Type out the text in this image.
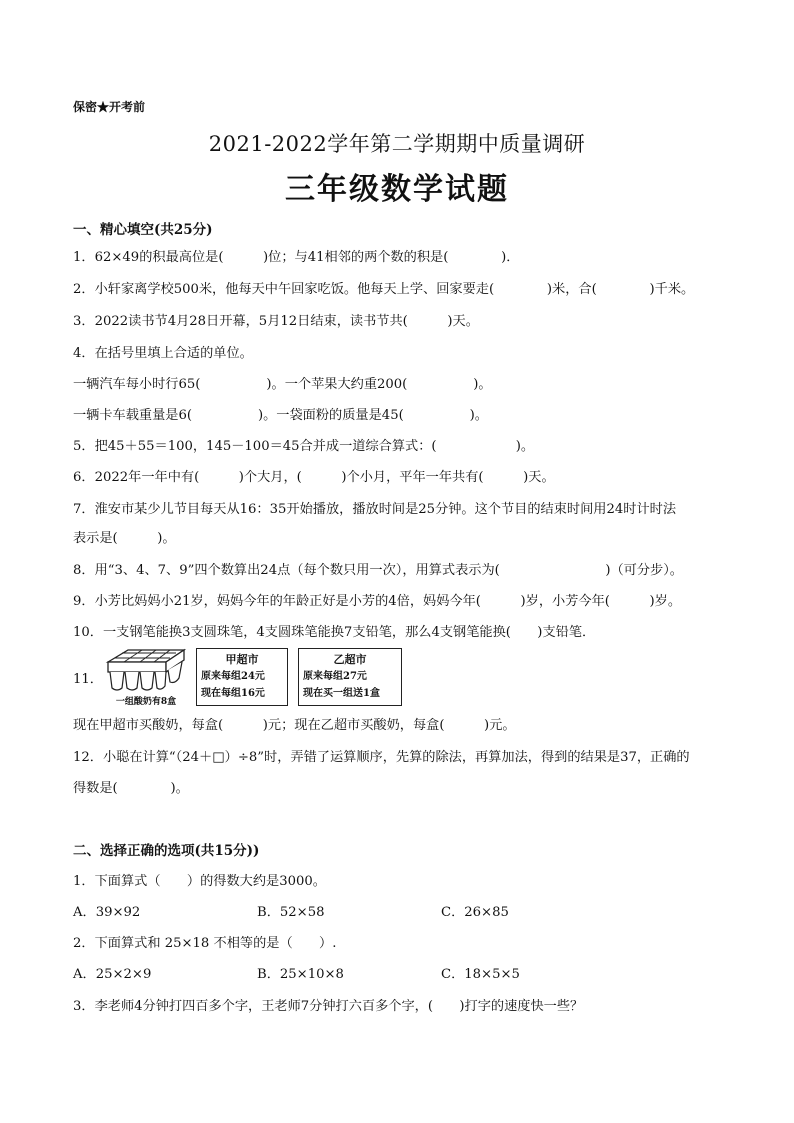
保密★开考前
2021-2022学年第二学期期中质量调研
三年级数学试题
一、精心填空(共25分)
1．62×49的积最高位是(　　　)位；与41相邻的两个数的积是(　　　　)．
2．小轩家离学校500米，他每天中午回家吃饭。他每天上学、回家要走(　　　　)米，合(　　　　)千米。
3．2022读书节4月28日开幕，5月12日结束，读书节共(　　　)天。
4．在括号里填上合适的单位。
一辆汽车每小时行65(　　　　　)。一个苹果大约重200(　　　　　)。
一辆卡车载重量是6(　　　　　)。一袋面粉的质量是45(　　　　　)。
5．把45＋55＝100，145－100＝45合并成一道综合算式：(　　　　　　)。
6．2022年一年中有(　　　)个大月，(　　　)个小月，平年一年共有(　　　)天。
7．淮安市某少儿节目每天从16：35开始播放，播放时间是25分钟。这个节目的结束时间用24时计时法
表示是(　　　)。
8．用“3、4、7、9”四个数算出24点（每个数只用一次），用算式表示为(　　　　　　　　)（可分步）。
9．小芳比妈妈小21岁，妈妈今年的年龄正好是小芳的4倍，妈妈今年(　　　)岁，小芳今年(　　　)岁。
10．一支钢笔能换3支圆珠笔，4支圆珠笔能换7支铅笔，那么4支钢笔能换(　　)支铅笔．
11．
一组酸奶有8盒
甲超市
原来每组24元
现在每组16元
乙超市
原来每组27元
现在买一组送1盒
现在甲超市买酸奶，每盒(　　　)元；现在乙超市买酸奶，每盒(　　　)元。
12．小聪在计算“（24＋□）÷8”时，弄错了运算顺序，先算的除法，再算加法，得到的结果是37，正确的
得数是(　　　　)。
二、选择正确的选项(共15分))
1．下面算式（　　）的得数大约是3000。
A．39×92	B．52×58	C．26×85
2．下面算式和 25×18 不相等的是（　　）.
A．25×2×9	B．25×10×8	C．18×5×5
3．李老师4分钟打四百多个字，王老师7分钟打六百多个字，(　　)打字的速度快一些？
